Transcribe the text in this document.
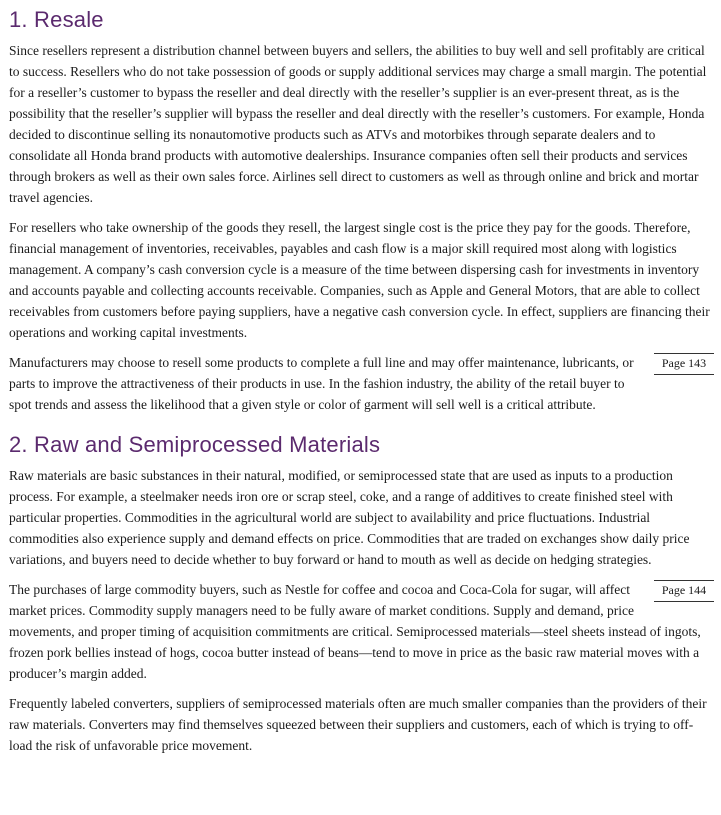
1. Resale

Since resellers represent a distribution channel between buyers and sellers, the abilities to buy well and sell profitably are critical to success. Resellers who do not take possession of goods or supply additional services may charge a small margin. The potential for a reseller’s customer to bypass the reseller and deal directly with the reseller’s supplier is an ever-present threat, as is the possibility that the reseller’s supplier will bypass the reseller and deal directly with the reseller’s customers. For example, Honda decided to discontinue selling its nonautomotive products such as ATVs and motorbikes through separate dealers and to consolidate all Honda brand products with automotive dealerships. Insurance companies often sell their products and services through brokers as well as their own sales force. Airlines sell direct to customers as well as through online and brick and mortar travel agencies.

For resellers who take ownership of the goods they resell, the largest single cost is the price they pay for the goods. Therefore, financial management of inventories, receivables, payables and cash flow is a major skill required most along with logistics management. A company’s cash conversion cycle is a measure of the time between dispersing cash for investments in inventory and accounts payable and collecting accounts receivable. Companies, such as Apple and General Motors, that are able to collect receivables from customers before paying suppliers, have a negative cash conversion cycle. In effect, suppliers are financing their operations and working capital investments.

Page 143

Manufacturers may choose to resell some products to complete a full line and may offer maintenance, lubricants, or parts to improve the attractiveness of their products in use. In the fashion industry, the ability of the retail buyer to spot trends and assess the likelihood that a given style or color of garment will sell well is a critical attribute.

2. Raw and Semiprocessed Materials

Raw materials are basic substances in their natural, modified, or semiprocessed state that are used as inputs to a production process. For example, a steelmaker needs iron ore or scrap steel, coke, and a range of additives to create finished steel with particular properties. Commodities in the agricultural world are subject to availability and price fluctuations. Industrial commodities also experience supply and demand effects on price. Commodities that are traded on exchanges show daily price variations, and buyers need to decide whether to buy forward or hand to mouth as well as decide on hedging strategies.

Page 144

The purchases of large commodity buyers, such as Nestle for coffee and cocoa and Coca-Cola for sugar, will affect market prices. Commodity supply managers need to be fully aware of market conditions. Supply and demand, price movements, and proper timing of acquisition commitments are critical. Semiprocessed materials—steel sheets instead of ingots, frozen pork bellies instead of hogs, cocoa butter instead of beans—tend to move in price as the basic raw material moves with a producer’s margin added.

Frequently labeled converters, suppliers of semiprocessed materials often are much smaller companies than the providers of their raw materials. Converters may find themselves squeezed between their suppliers and customers, each of which is trying to off-load the risk of unfavorable price movement.
